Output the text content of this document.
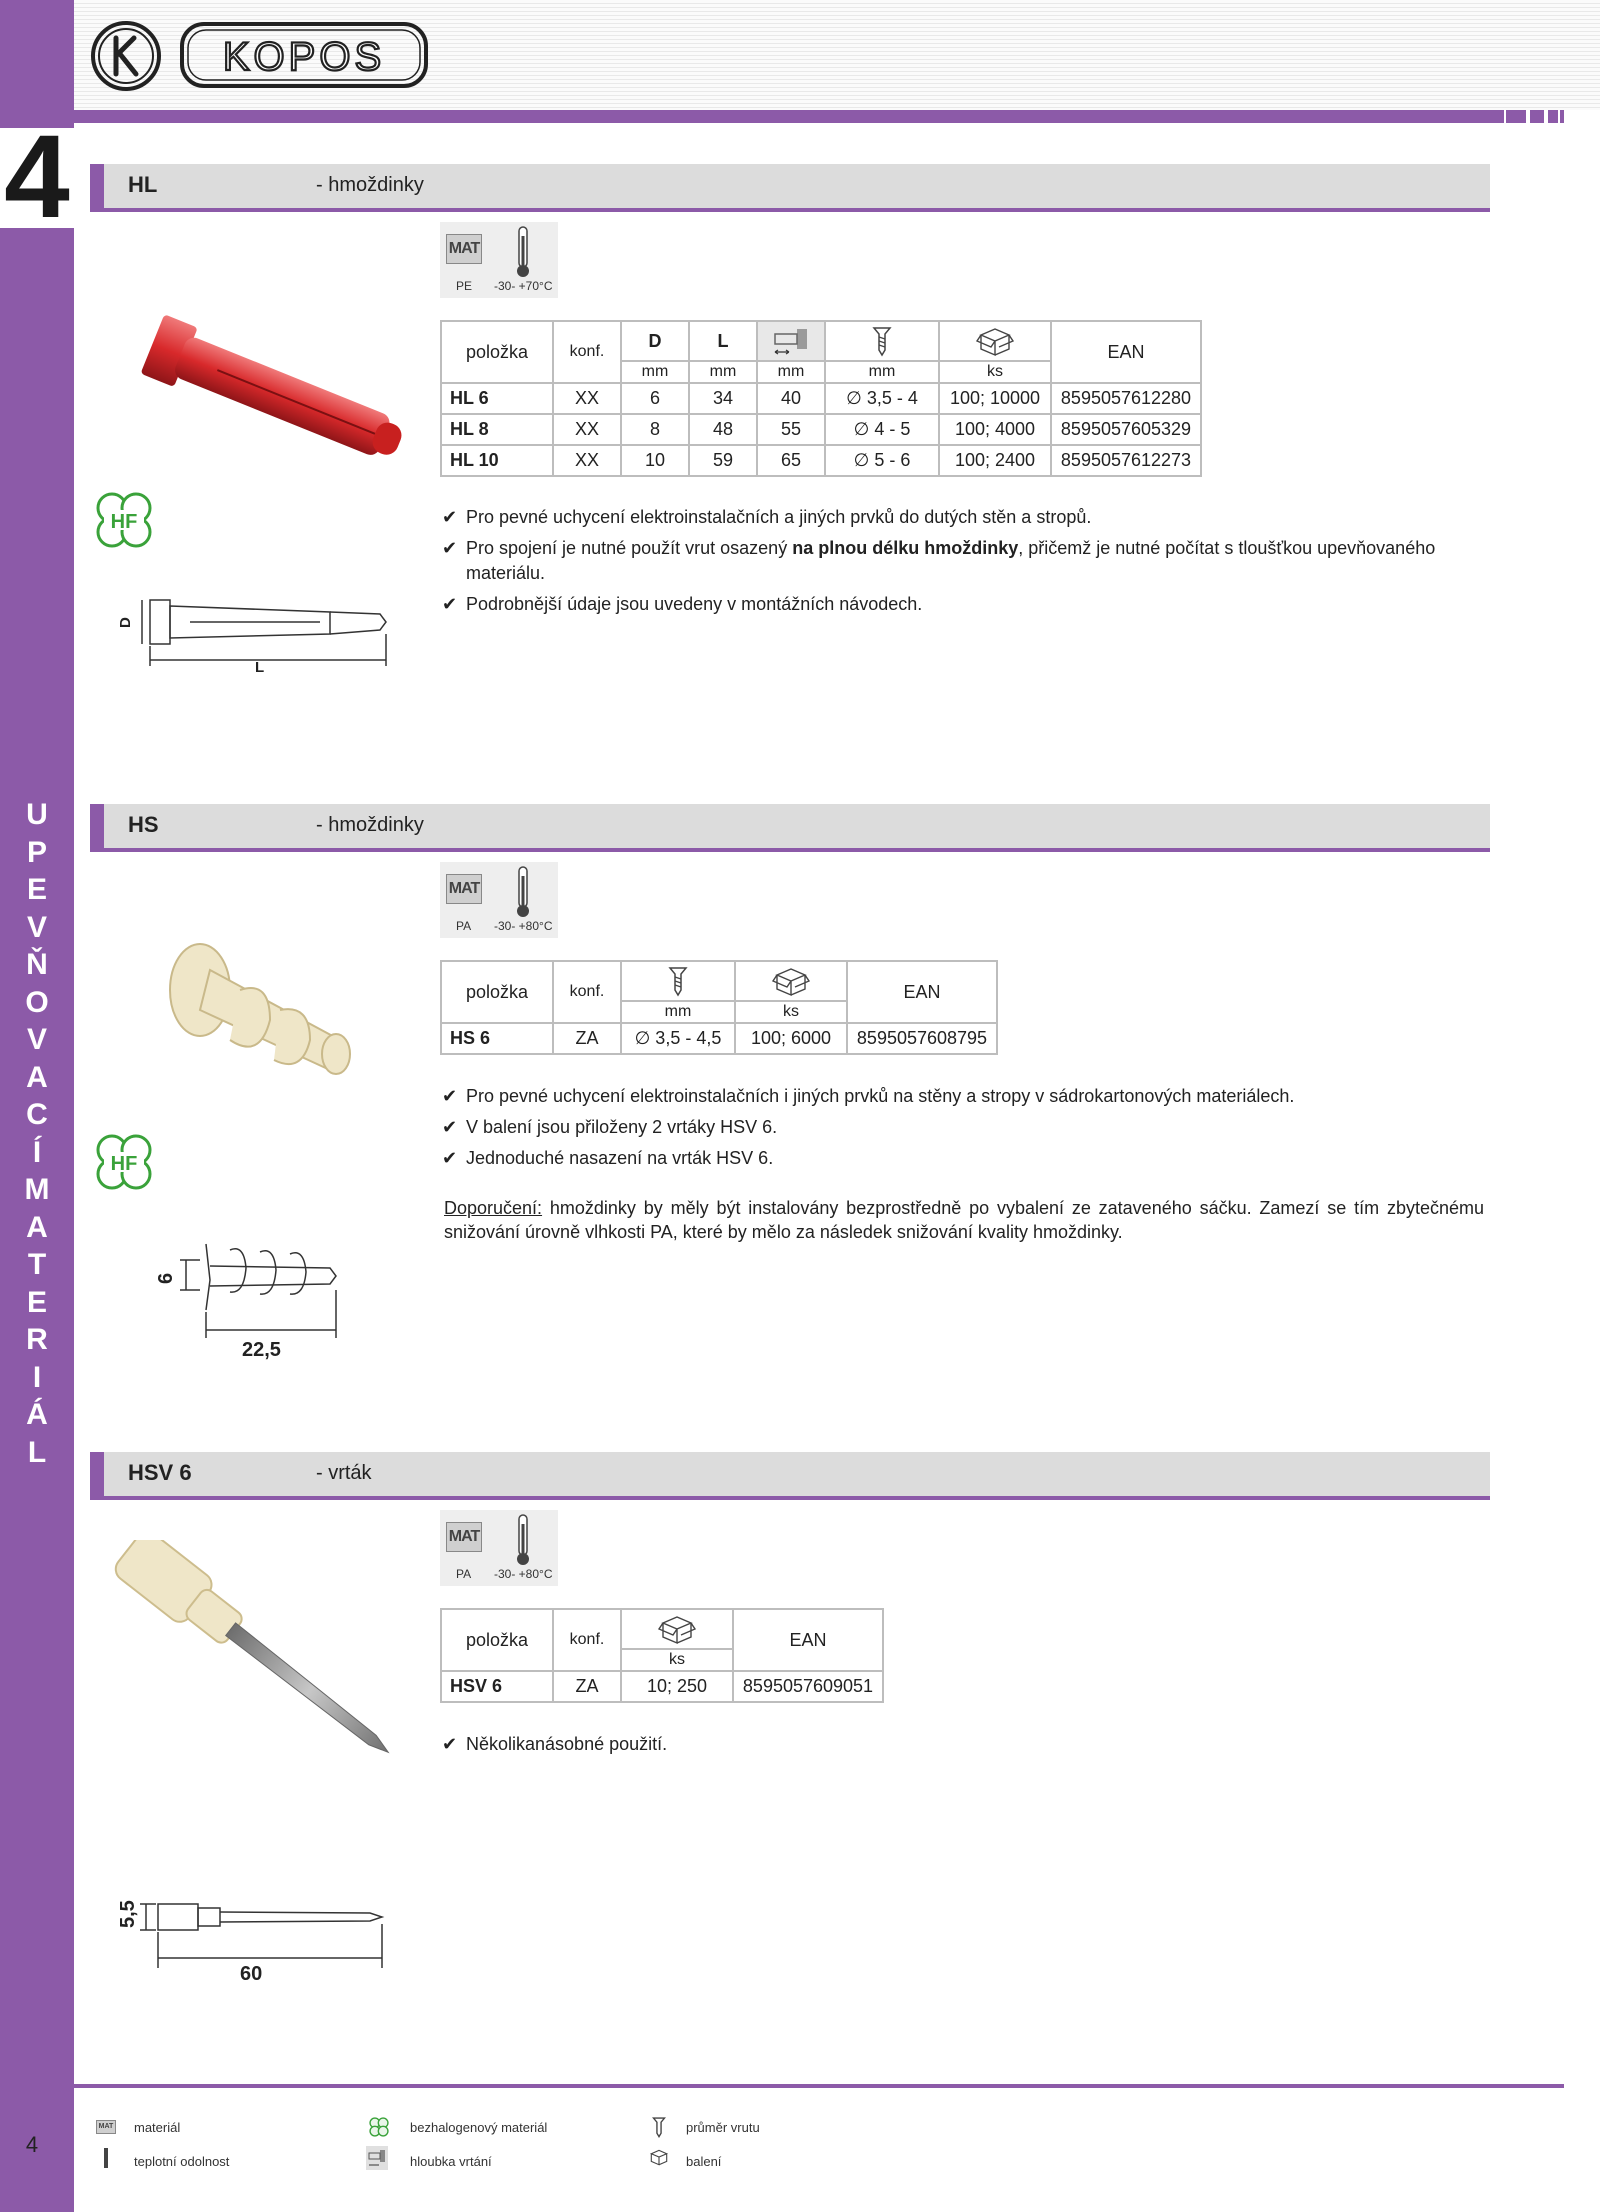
4
U
P
E
V
Ň
O
V
A
C
Í
M
A
T
E
R
I
Á
L
4
KOPOS
HL	- hmoždinky
MAT
PE -30- +70°C
HF
D
L
položka	konf.	D	L				EAN
		mm	mm	mm	mm	ks	
HL 6	XX	6	34	40	∅ 3,5 - 4	100; 10000	8595057612280
HL 8	XX	8	48	55	∅ 4 - 5	100; 4000	8595057605329
HL 10	XX	10	59	65	∅ 5 - 6	100; 2400	8595057612273
✔ Pro pevné uchycení elektroinstalačních a jiných prvků do dutých stěn a stropů.
✔ Pro spojení je nutné použít vrut osazený na plnou délku hmoždinky, přičemž je nutné počítat s tloušťkou upevňovaného materiálu.
✔ Podrobnější údaje jsou uvedeny v montážních návodech.
HS	- hmoždinky
MAT
PA -30- +80°C
HF
6
22,5
položka	konf.			EAN
		mm	ks	
HS 6	ZA	∅ 3,5 - 4,5	100; 6000	8595057608795
✔ Pro pevné uchycení elektroinstalačních i jiných prvků na stěny a stropy v sádrokartonových materiálech.
✔ V balení jsou přiloženy 2 vrtáky HSV 6.
✔ Jednoduché nasazení na vrták HSV 6.
Doporučení: hmoždinky by měly být instalovány bezprostředně po vybalení ze zataveného sáčku. Zamezí se tím zbytečnému snižování úrovně vlhkosti PA, které by mělo za následek snižování kvality hmoždinky.
HSV 6	- vrták
MAT
PA -30- +80°C
5,5
60
položka	konf.		EAN
		ks	
HSV 6	ZA	10; 250	8595057609051
✔ Několikanásobné použití.
MAT materiál
teplotní odolnost
bezhalogenový materiál
hloubka vrtání
průměr vrutu
balení
